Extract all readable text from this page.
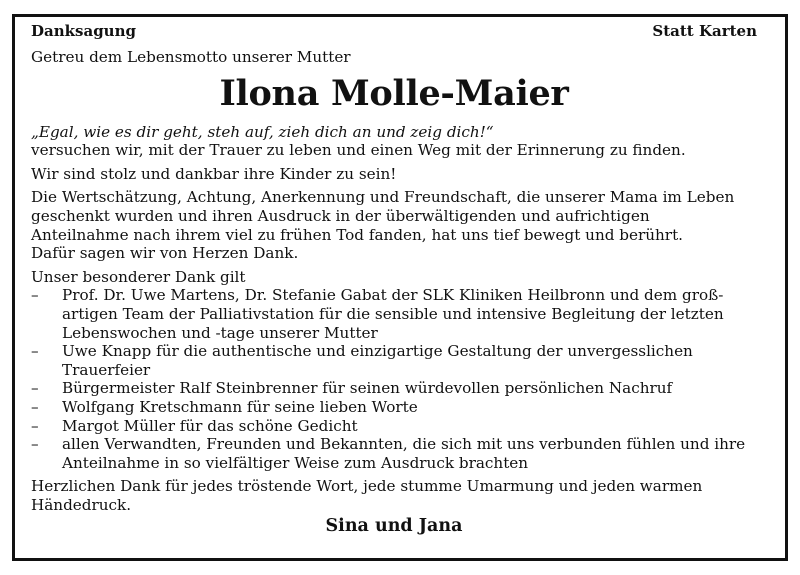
Danksagung	Statt Karten

Getreu dem Lebensmotto unserer Mutter

Ilona Molle-Maier

„Egal, wie es dir geht, steh auf, zieh dich an und zeig dich!“

versuchen wir, mit der Trauer zu leben und einen Weg mit der Erinnerung zu finden.

Wir sind stolz und dankbar ihre Kinder zu sein!

Die Wertschätzung, Achtung, Anerkennung und Freundschaft, die unserer Mama im Leben

geschenkt wurden und ihren Ausdruck in der überwältigenden und aufrichtigen

Anteilnahme nach ihrem viel zu frühen Tod fanden, hat uns tief bewegt und berührt.

Dafür sagen wir von Herzen Dank.

Unser besonderer Dank gilt

– Prof. Dr. Uwe Martens, Dr. Stefanie Gabat der SLK Kliniken Heilbronn und dem groß-
artigen Team der Palliativstation für die sensible und intensive Begleitung der letzten
Lebenswochen und -tage unserer Mutter
– Uwe Knapp für die authentische und einzigartige Gestaltung der unvergesslichen Trauerfeier
– Bürgermeister Ralf Steinbrenner für seinen würdevollen persönlichen Nachruf
– Wolfgang Kretschmann für seine lieben Worte
– Margot Müller für das schöne Gedicht
– allen Verwandten, Freunden und Bekannten, die sich mit uns verbunden fühlen und ihre
Anteilnahme in so vielfältiger Weise zum Ausdruck brachten

Herzlichen Dank für jedes tröstende Wort, jede stumme Umarmung und jeden warmen

Händedruck.

Sina und Jana
